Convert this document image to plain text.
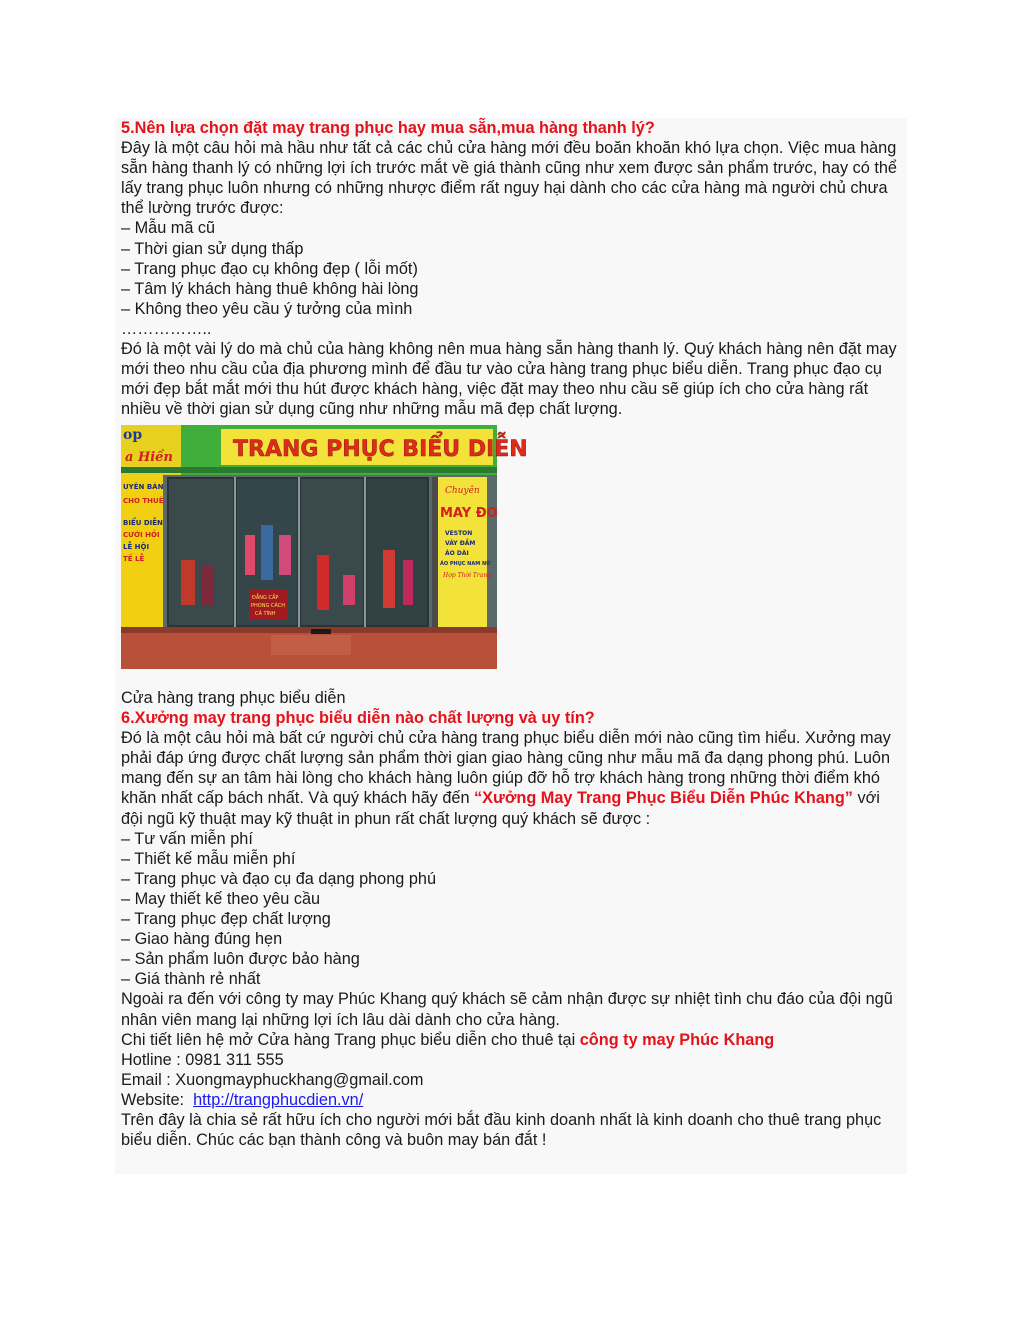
5.Nên lựa chọn đặt may trang phục hay mua sẵn,mua hàng thanh lý?

Đây là một câu hỏi mà hầu như tất cả các chủ cửa hàng mới đều boăn khoăn khó lựa chọn. Việc mua hàng sẵn hàng thanh lý có những lợi ích trước mắt về giá thành cũng như xem được sản phẩm trước, hay có thể lấy trang phục luôn nhưng có những nhược điểm rất nguy hại dành cho các cửa hàng mà người chủ chưa thể lường trước được:

– Mẫu mã cũ

– Thời gian sử dụng thấp

– Trang phục đạo cụ không đẹp ( lỗi mốt)

– Tâm lý khách hàng thuê không hài lòng

– Không theo yêu cầu ý tưởng của mình

……………..

Đó là một vài lý do mà chủ của hàng không nên mua hàng sẵn hàng thanh lý. Quý khách hàng nên đặt may mới theo nhu cầu của địa phương mình để đầu tư vào cửa hàng trang phục biểu diễn. Trang phục đạo cụ mới đẹp bắt mắt mới thu hút được khách hàng, việc đặt may theo nhu cầu sẽ giúp ích cho cửa hàng rất nhiều về thời gian sử dụng cũng như những mẫu mã đẹp chất lượng.

op
a Hiền	TRANG PHỤC BIỂU DIỄN
UYÊN BÁN
CHO THUÊ
BIỂU DIỄN
CƯỚI HỎI
LỄ HỘI
TẾ LỄ
Chuyên
MAY ĐO
VESTON
VÁY ĐẦM
ÁO DÀI
ÁO PHỤC NAM NỮ
Hợp Thời Trang
ĐẲNG CẤP
PHONG CÁCH
CÁ TÍNH

Cửa hàng trang phục biểu diễn

6.Xưởng may trang phục biểu diễn nào chất lượng và uy tín?

Đó là một câu hỏi mà bất cứ người chủ cửa hàng trang phục biểu diễn mới nào cũng tìm hiểu. Xưởng may phải đáp ứng được chất lượng sản phẩm thời gian giao hàng cũng như mẫu mã đa dạng phong phú. Luôn mang đến sự an tâm hài lòng cho khách hàng luôn giúp đỡ hỗ trợ khách hàng trong những thời điểm khó khăn nhất cấp bách nhất. Và quý khách hãy đến “Xưởng May Trang Phục Biểu Diễn Phúc Khang” với đội ngũ kỹ thuật may kỹ thuật in phun rất chất lượng quý khách sẽ được :

– Tư vấn miễn phí

– Thiết kế mẫu miễn phí

– Trang phục và đạo cụ đa dạng phong phú

– May thiết kế theo yêu cầu

– Trang phục đẹp chất lượng

– Giao hàng đúng hẹn

– Sản phẩm luôn được bảo hàng

– Giá thành rẻ nhất

Ngoài ra đến với công ty may Phúc Khang quý khách sẽ cảm nhận được sự nhiệt tình chu đáo của đội ngũ nhân viên mang lại những lợi ích lâu dài dành cho cửa hàng.

Chi tiết liên hệ mở Cửa hàng Trang phục biểu diễn cho thuê tại công ty may Phúc Khang

Hotline : 0981 311 555

Email : Xuongmayphuckhang@gmail.com

Website:  http://trangphucdien.vn/

Trên đây là chia sẻ rất hữu ích cho người mới bắt đầu kinh doanh nhất là kinh doanh cho thuê trang phục biểu diễn. Chúc các bạn thành công và buôn may bán đắt !
